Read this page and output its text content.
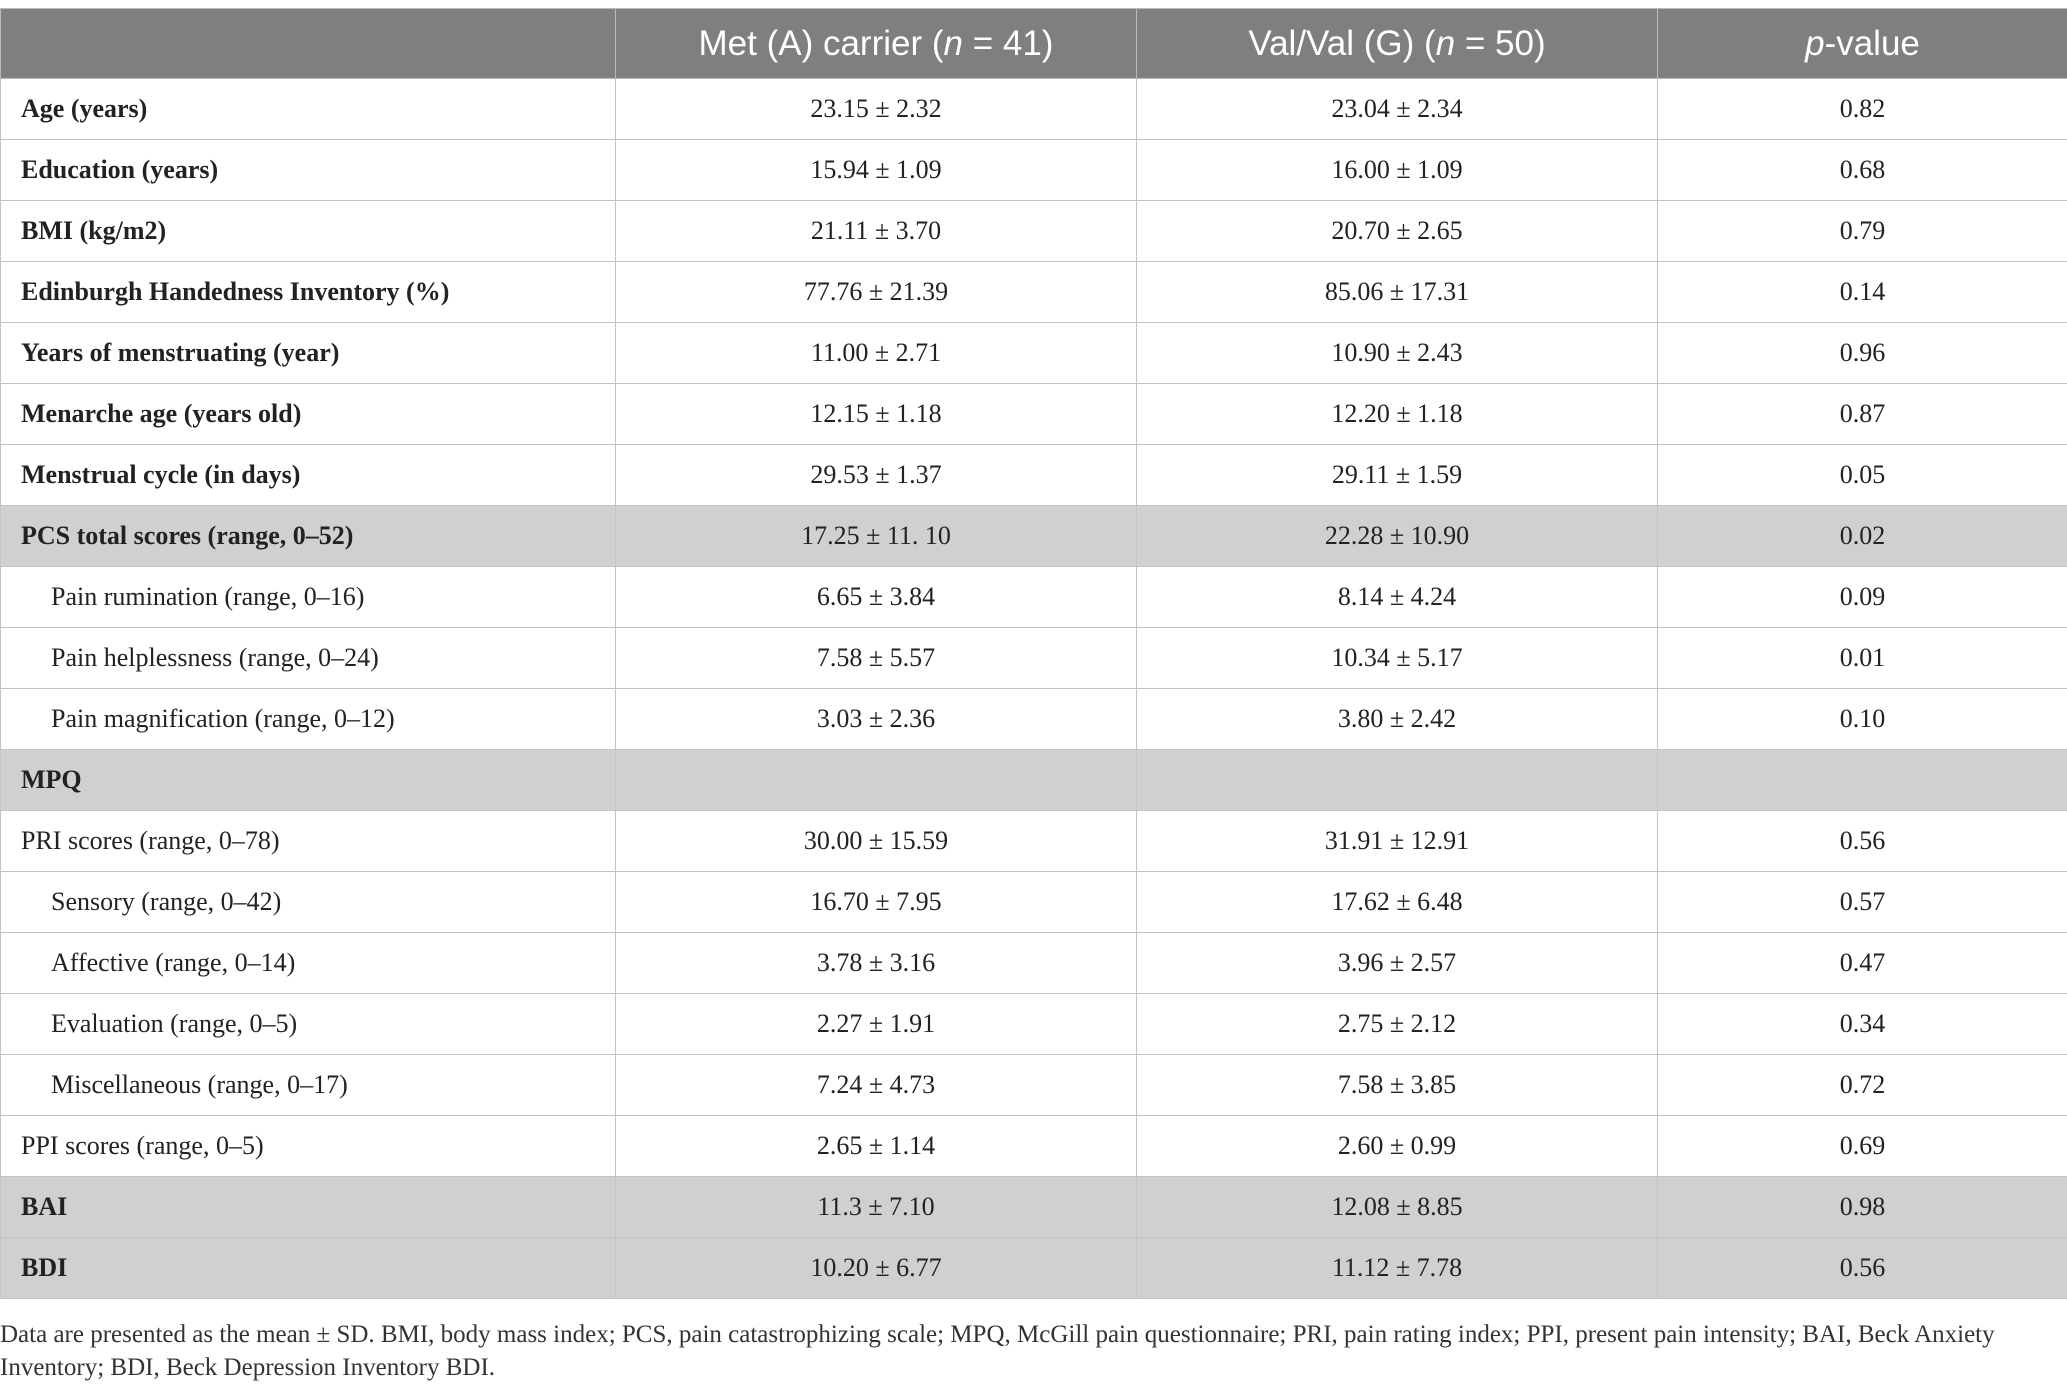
	Met (A) carrier (n = 41)	Val/Val (G) (n = 50)	p-value
Age (years)	23.15 ± 2.32	23.04 ± 2.34	0.82
Education (years)	15.94 ± 1.09	16.00 ± 1.09	0.68
BMI (kg/m2)	21.11 ± 3.70	20.70 ± 2.65	0.79
Edinburgh Handedness Inventory (%)	77.76 ± 21.39	85.06 ± 17.31	0.14
Years of menstruating (year)	11.00 ± 2.71	10.90 ± 2.43	0.96
Menarche age (years old)	12.15 ± 1.18	12.20 ± 1.18	0.87
Menstrual cycle (in days)	29.53 ± 1.37	29.11 ± 1.59	0.05
PCS total scores (range, 0–52)	17.25 ± 11. 10	22.28 ± 10.90	0.02
Pain rumination (range, 0–16)	6.65 ± 3.84	8.14 ± 4.24	0.09
Pain helplessness (range, 0–24)	7.58 ± 5.57	10.34 ± 5.17	0.01
Pain magnification (range, 0–12)	3.03 ± 2.36	3.80 ± 2.42	0.10
MPQ			
PRI scores (range, 0–78)	30.00 ± 15.59	31.91 ± 12.91	0.56
Sensory (range, 0–42)	16.70 ± 7.95	17.62 ± 6.48	0.57
Affective (range, 0–14)	3.78 ± 3.16	3.96 ± 2.57	0.47
Evaluation (range, 0–5)	2.27 ± 1.91	2.75 ± 2.12	0.34
Miscellaneous (range, 0–17)	7.24 ± 4.73	7.58 ± 3.85	0.72
PPI scores (range, 0–5)	2.65 ± 1.14	2.60 ± 0.99	0.69
BAI	11.3 ± 7.10	12.08 ± 8.85	0.98
BDI	10.20 ± 6.77	11.12 ± 7.78	0.56
Data are presented as the mean ± SD. BMI, body mass index; PCS, pain catastrophizing scale; MPQ, McGill pain questionnaire; PRI, pain rating index; PPI, present pain intensity; BAI, Beck Anxiety Inventory; BDI, Beck Depression Inventory BDI.
